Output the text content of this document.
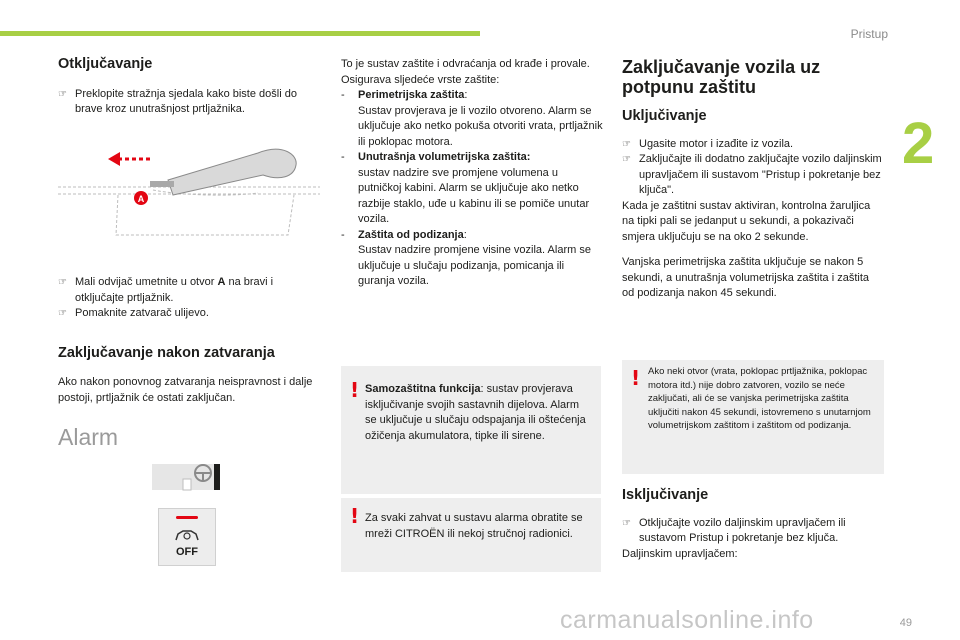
Pristup
2
Otključavanje
☞ Preklopite stražnja sjedala kako biste došli do brave kroz unutrašnjost prtljažnika.
A
☞ Mali odvijač umetnite u otvor A na bravi i otključajte prtljažnik.
☞ Pomaknite zatvarač ulijevo.
Zaključavanje nakon zatvaranja

Ako nakon ponovnog zatvaranja neispravnost i dalje postoji, prtljažnik će ostati zaključan.

Alarm
OFF

To je sustav zaštite i odvraćanja od krađe i provale. Osigurava sljedeće vrste zaštite:

- Perimetrijska zaštita:
Sustav provjerava je li vozilo otvoreno. Alarm se uključuje ako netko pokuša otvoriti vrata, prtljažnik ili poklopac motora.
- Unutrašnja volumetrijska zaštita:
sustav nadzire sve promjene volumena u putničkoj kabini. Alarm se uključuje ako netko razbije staklo, uđe u kabinu ili se pomiče unutar vozila.
- Zaštita od podizanja:
Sustav nadzire promjene visine vozila. Alarm se uključuje u slučaju podizanja, pomicanja ili guranja vozila.
! Samozaštitna funkcija: sustav provjerava isključivanje svojih sastavnih dijelova. Alarm se uključuje u slučaju odspajanja ili oštećenja ožičenja akumulatora, tipke ili sirene.
! Za svaki zahvat u sustavu alarma obratite se mreži CITROËN ili nekoj stručnoj radionici.
Zaključavanje vozila uz potpunu zaštitu
Uključivanje
☞ Ugasite motor i izađite iz vozila.
☞ Zaključajte ili dodatno zaključajte vozilo daljinskim upravljačem ili sustavom "Pristup i pokretanje bez ključa".

Kada je zaštitni sustav aktiviran, kontrolna žaruljica na tipki pali se jedanput u sekundi, a pokazivači smjera uključuju se na oko 2 sekunde.

Vanjska perimetrijska zaštita uključuje se nakon 5 sekundi, a unutrašnja volumetrijska zaštita i zaštita od podizanja nakon 45 sekundi.

! Ako neki otvor (vrata, poklopac prtljažnika, poklopac motora itd.) nije dobro zatvoren, vozilo se neće zaključati, ali će se vanjska perimetrijska zaštita uključiti nakon 45 sekundi, istovremeno s unutarnjom volumetrijskom zaštitom i zaštitom od podizanja.
Isključivanje
☞ Otključajte vozilo daljinskim upravljačem ili sustavom Pristup i pokretanje bez ključa.

Daljinskim upravljačem:

carmanualsonline.info	49
